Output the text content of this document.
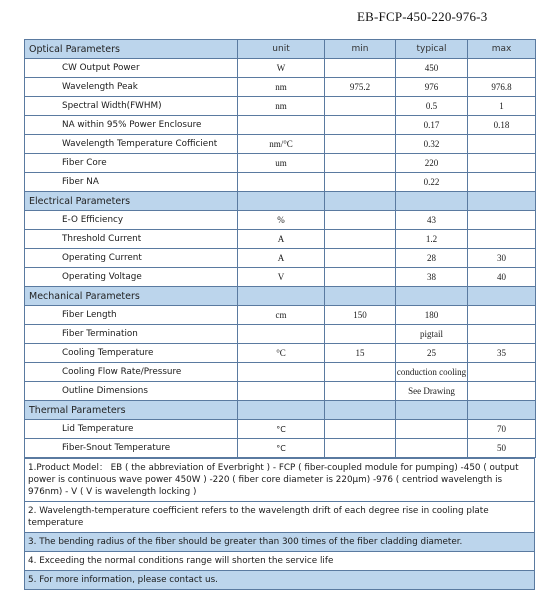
EB-FCP-450-220-976-3
Optical Parameters	unit	min	typical	max
CW Output Power	W		450	
Wavelength Peak	nm	975.2	976	976.8
Spectral Width(FWHM)	nm		0.5	1
NA within 95% Power Enclosure			0.17	0.18
Wavelength Temperature Cofficient	nm/°C		0.32	
Fiber Core	um		220	
Fiber NA			0.22	
Electrical Parameters				
E-O Efficiency	%		43	
Threshold Current	A		1.2	
Operating Current	A		28	30
Operating Voltage	V		38	40
Mechanical Parameters				
Fiber Length	cm	150	180	
Fiber Termination			pigtail	
Cooling Temperature	°C	15	25	35
Cooling Flow Rate/Pressure			conduction cooling	
Outline Dimensions			See Drawing	
Thermal Parameters				
Lid Temperature	°C			70
Fiber-Snout Temperature	°C			50
1.Product Model： EB ( the abbreviation of Everbright ) - FCP ( fiber-coupled module for pumping) -450 ( output power is continuous wave power 450W ) -220 ( fiber core diameter is 220μm) -976 ( centriod wavelength is 976nm) - V ( V is wavelength locking )
2. Wavelength-temperature coefficient refers to the wavelength drift of each degree rise in cooling plate temperature
3. The bending radius of the fiber should be greater than 300 times of the fiber cladding diameter.
4. Exceeding the normal conditions range will shorten the service life
5. For more information, please contact us.
